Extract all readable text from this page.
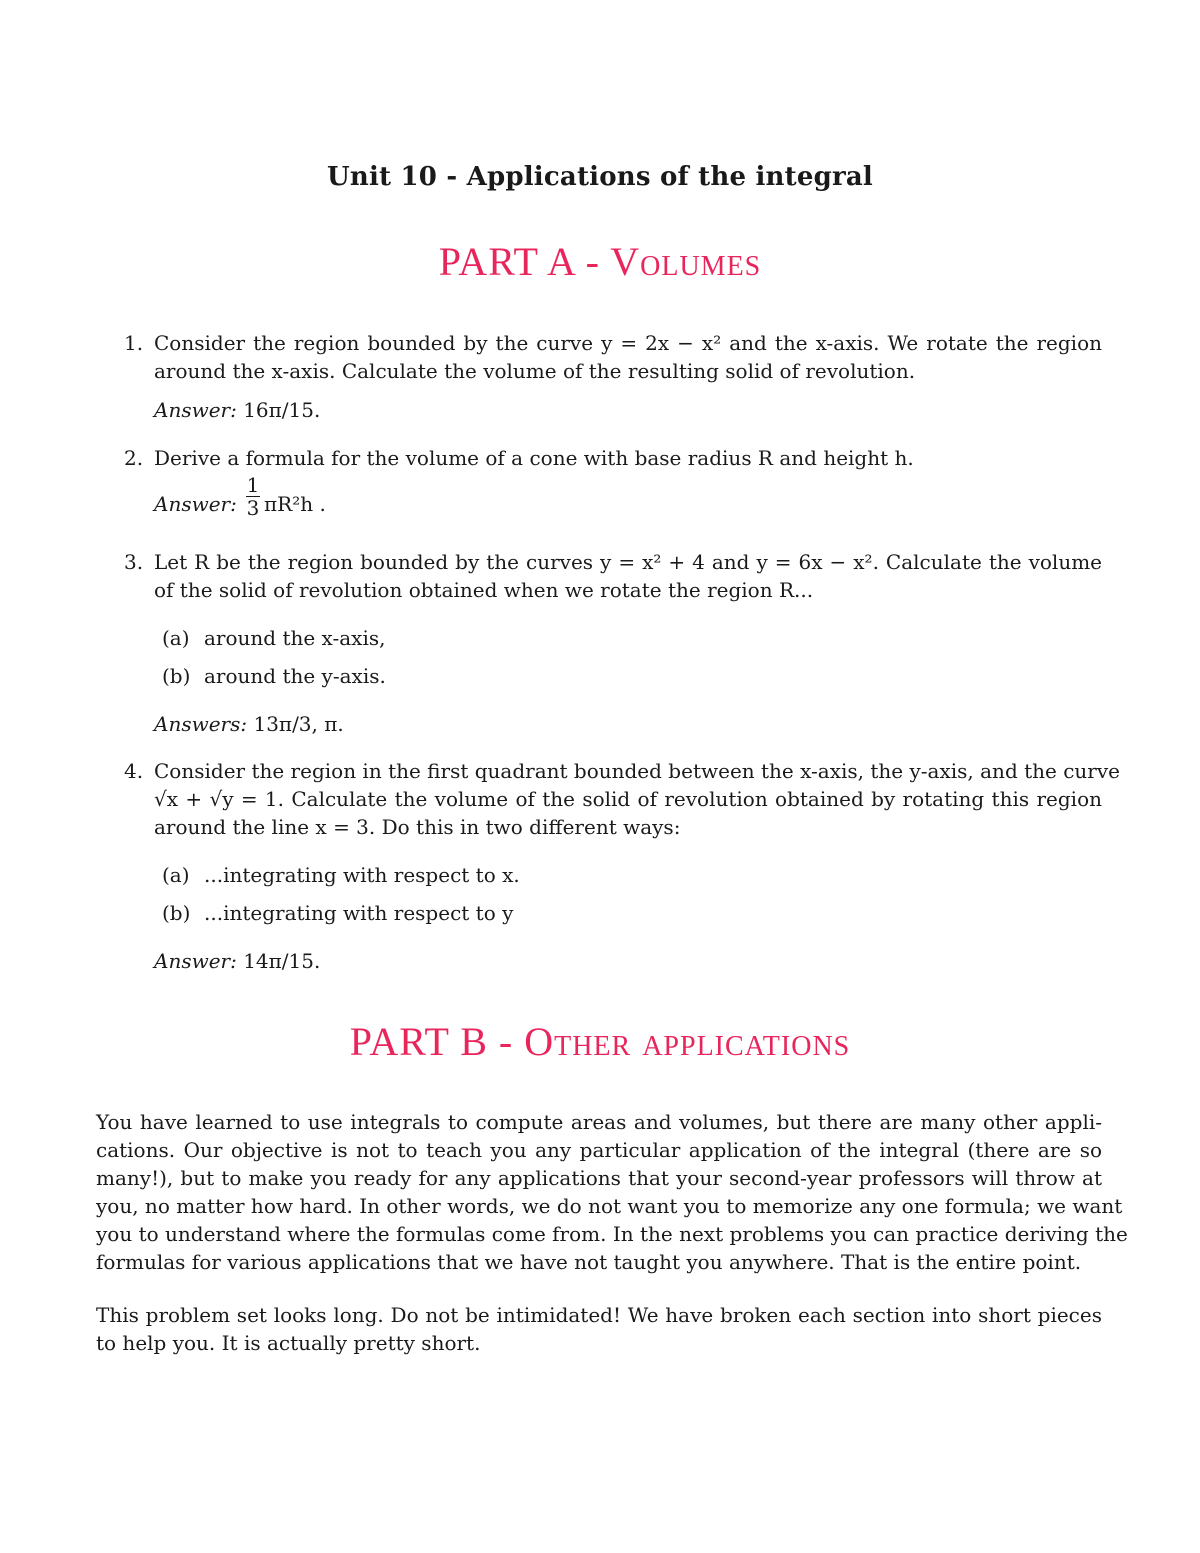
Unit 10 - Applications of the integral
PART A - Volumes
1. Consider the region bounded by the curve y = 2x − x² and the x-axis. We rotate the region
around the x-axis. Calculate the volume of the resulting solid of revolution.
Answer: 16π/15.
2. Derive a formula for the volume of a cone with base radius R and height h.
Answer: $\frac{1}{3} \pi R^2h$ .
3. Let R be the region bounded by the curves y = x² + 4 and y = 6x − x². Calculate the volume
of the solid of revolution obtained when we rotate the region R...
(a) around the x-axis,
(b) around the y-axis.
Answers: 13π/3, π.
4. Consider the region in the first quadrant bounded between the x-axis, the y-axis, and the curve
√x + √y = 1. Calculate the volume of the solid of revolution obtained by rotating this region
around the line x = 3. Do this in two different ways:
(a) ...integrating with respect to x.
(b) ...integrating with respect to y
Answer: 14π/15.
PART B - Other applications
You have learned to use integrals to compute areas and volumes, but there are many other appli-
cations. Our objective is not to teach you any particular application of the integral (there are so
many!), but to make you ready for any applications that your second-year professors will throw at
you, no matter how hard. In other words, we do not want you to memorize any one formula; we want
you to understand where the formulas come from. In the next problems you can practice deriving the
formulas for various applications that we have not taught you anywhere. That is the entire point.
This problem set looks long. Do not be intimidated! We have broken each section into short pieces
to help you. It is actually pretty short.
